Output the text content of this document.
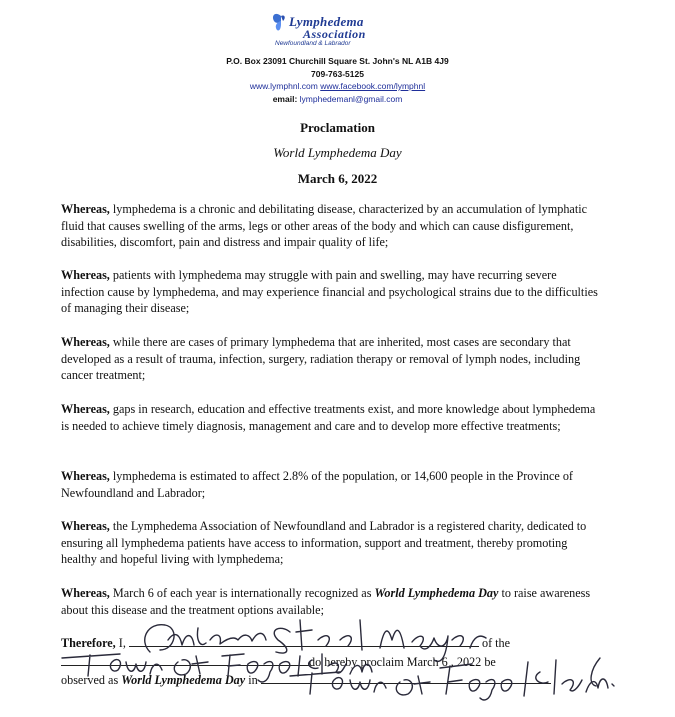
Lymphedema
Association
Newfoundland & Labrador
P.O. Box 23091 Churchill Square St. John's NL A1B 4J9
709-763-5125
www.lymphnl.com www.facebook.com/lymphnl
email: lymphedemanl@gmail.com
Proclamation
World Lymphedema Day
March 6, 2022

Whereas, lymphedema is a chronic and debilitating disease, characterized by an accumulation of lymphatic fluid that causes swelling of the arms, legs or other areas of the body and which can cause disfigurement, disabilities, discomfort, pain and distress and impair quality of life;

Whereas, patients with lymphedema may struggle with pain and swelling, may have recurring severe infection cause by lymphedema, and may experience financial and psychological strains due to the difficulties of managing their disease;

Whereas, while there are cases of primary lymphedema that are inherited, most cases are secondary that developed as a result of trauma, infection, surgery, radiation therapy or removal of lymph nodes, including cancer treatment;

Whereas, gaps in research, education and effective treatments exist, and more knowledge about lymphedema is needed to achieve timely diagnosis, management and care and to develop more effective treatments;

Whereas, lymphedema is estimated to affect 2.8% of the population, or 14,600 people in the Province of Newfoundland and Labrador;

Whereas, the Lymphedema Association of Newfoundland and Labrador is a registered charity, dedicated to ensuring all lymphedema patients have access to information, support and treatment, thereby promoting healthy and hopeful living with lymphedema;

Whereas, March 6 of each year is internationally recognized as World Lymphedema Day to raise awareness about this disease and the treatment options available;

Therefore, I,	of the
do hereby proclaim March 6 , 2022 be
observed as World Lymphedema Day in
